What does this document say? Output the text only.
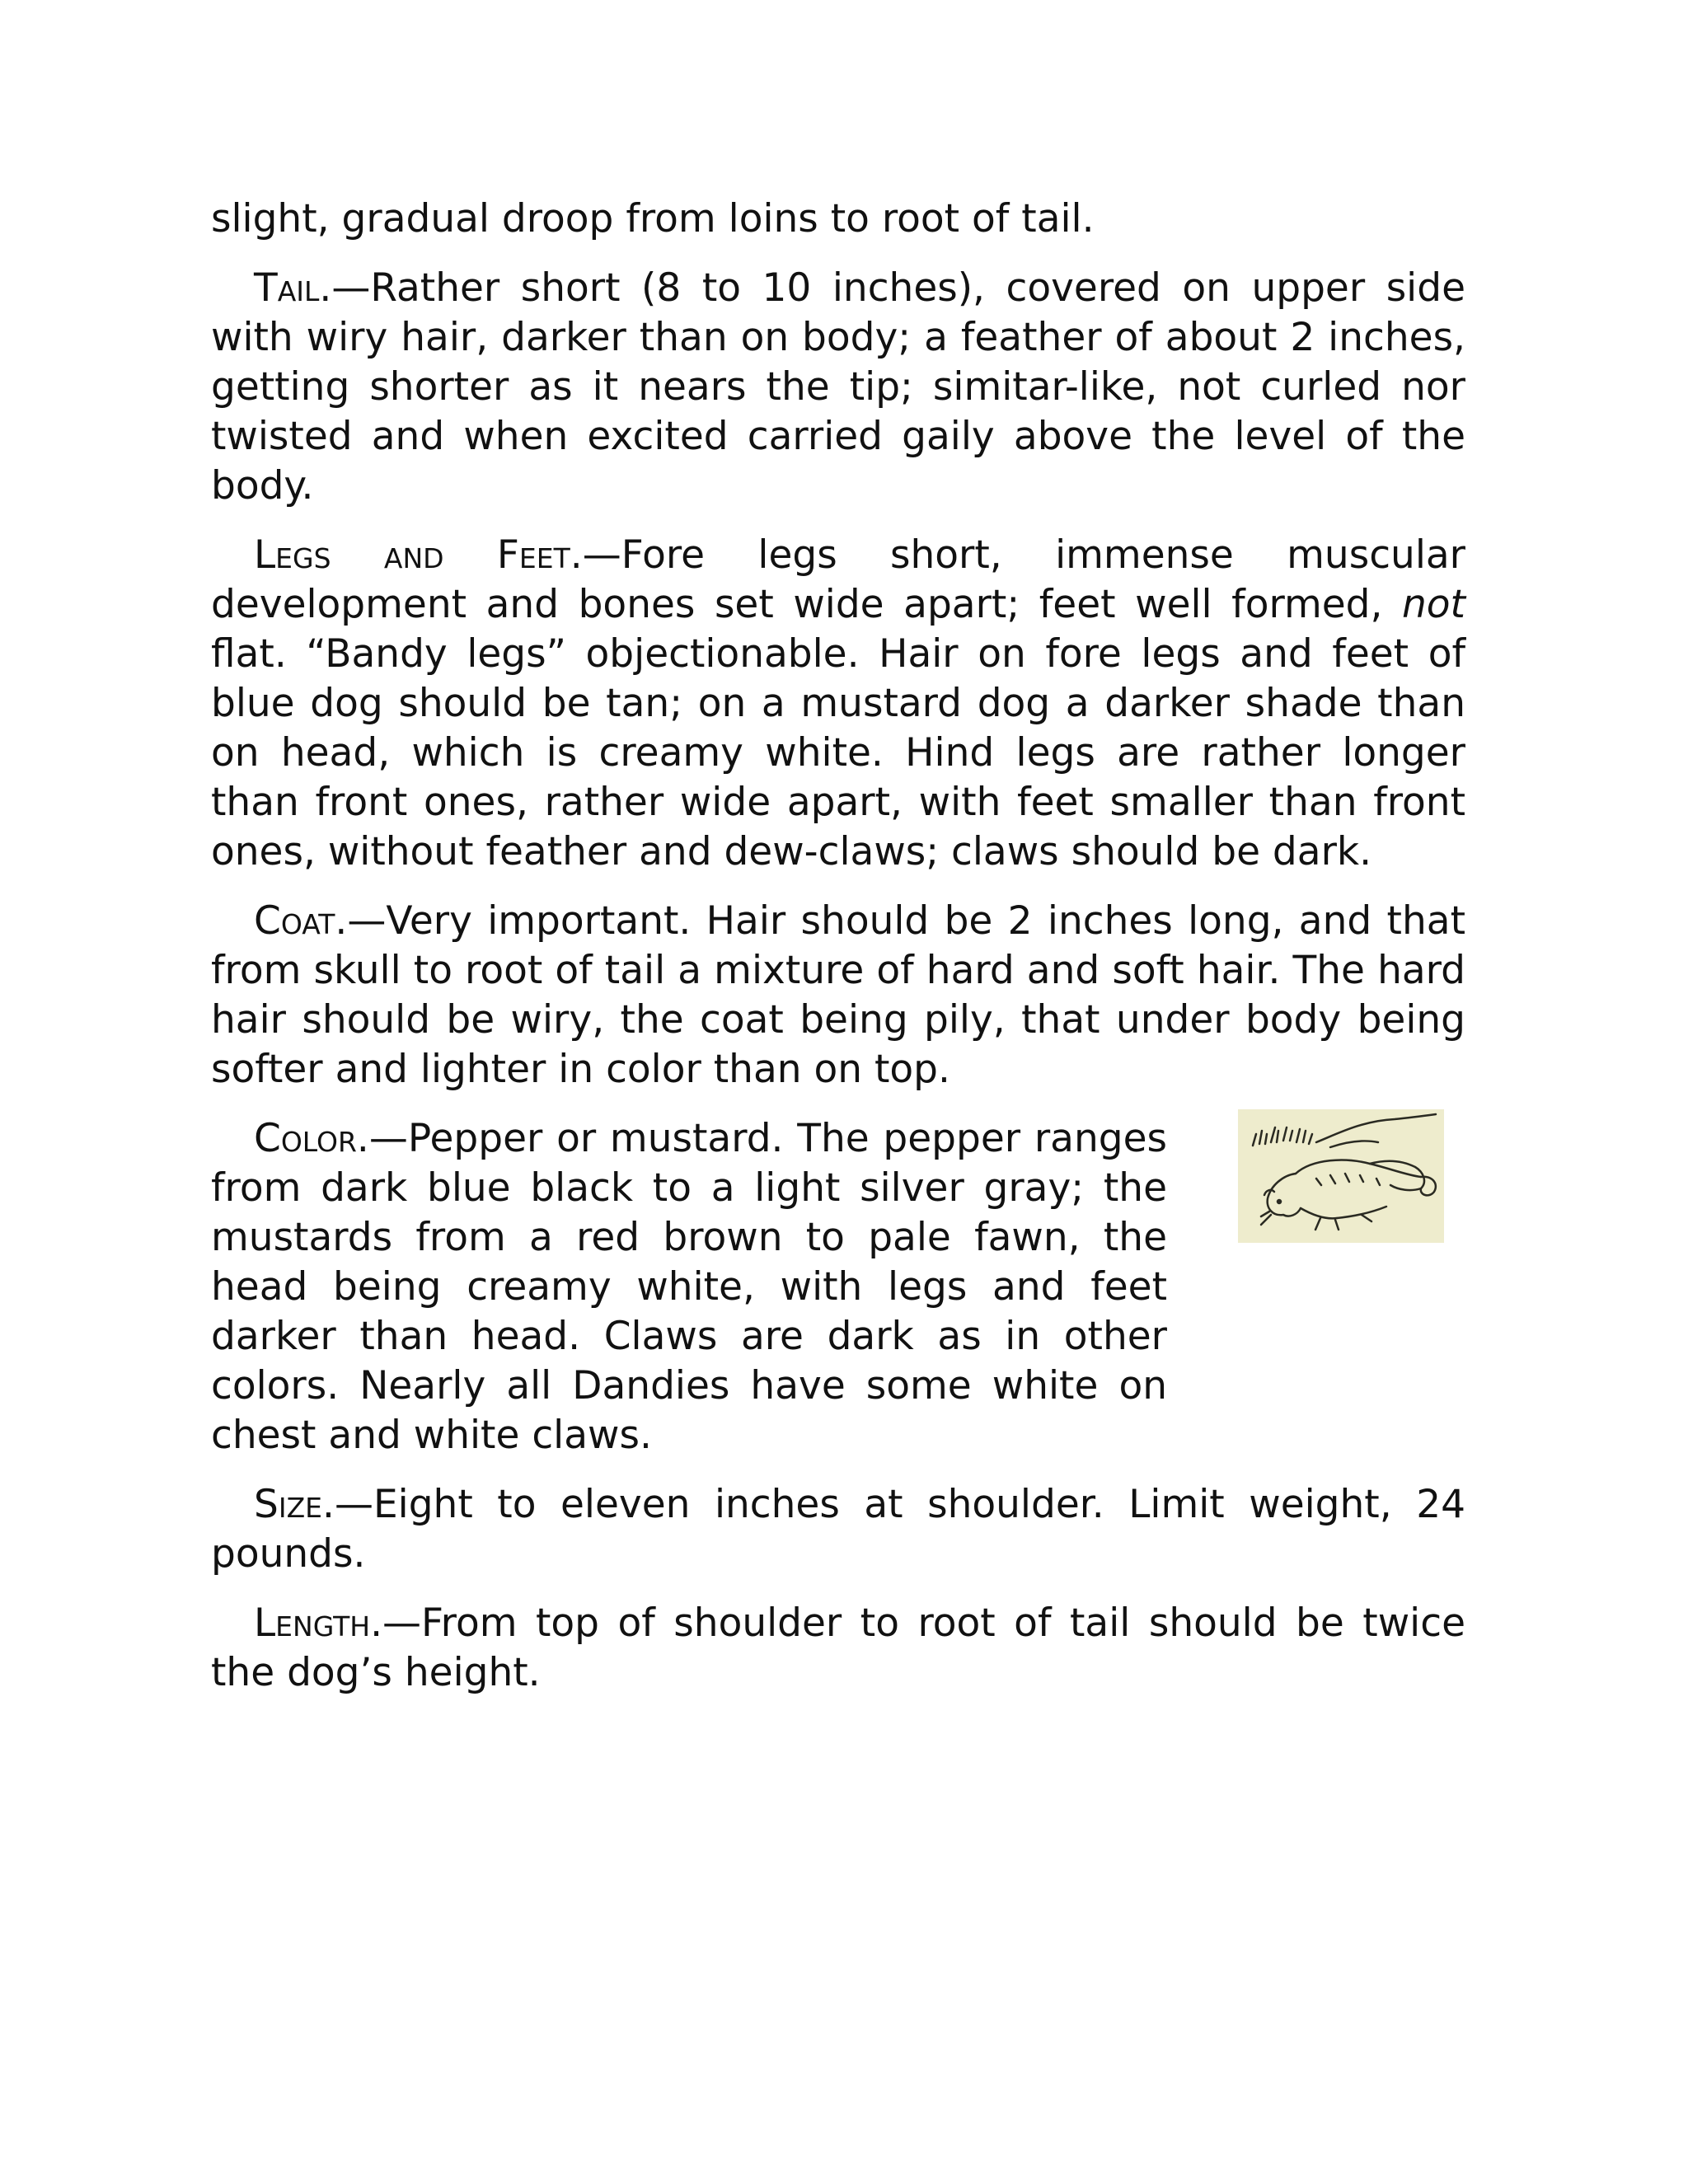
slight, gradual droop from loins to root of tail.

Tail.—Rather short (8 to 10 inches), covered on upper side with wiry hair, darker than on body; a feather of about 2 inches, getting shorter as it nears the tip; simitar-like, not curled nor twisted and when excited carried gaily above the level of the body.

Legs and Feet.—Fore legs short, immense muscular development and bones set wide apart; feet well formed, not flat. “Bandy legs” objectionable. Hair on fore legs and feet of blue dog should be tan; on a mustard dog a darker shade than on head, which is creamy white. Hind legs are rather longer than front ones, rather wide apart, with feet smaller than front ones, without feather and dew-claws; claws should be dark.

Coat.—Very important. Hair should be 2 inches long, and that from skull to root of tail a mixture of hard and soft hair. The hard hair should be wiry, the coat being pily, that under body being softer and lighter in color than on top.

Color.—Pepper or mustard. The pepper ranges from dark blue black to a light silver gray; the mustards from a red brown to pale fawn, the head being creamy white, with legs and feet darker than head. Claws are dark as in other colors. Nearly all Dandies have some white on chest and white claws.

Size.—Eight to eleven inches at shoulder. Limit weight, 24 pounds.

Length.—From top of shoulder to root of tail should be twice the dog’s height.
